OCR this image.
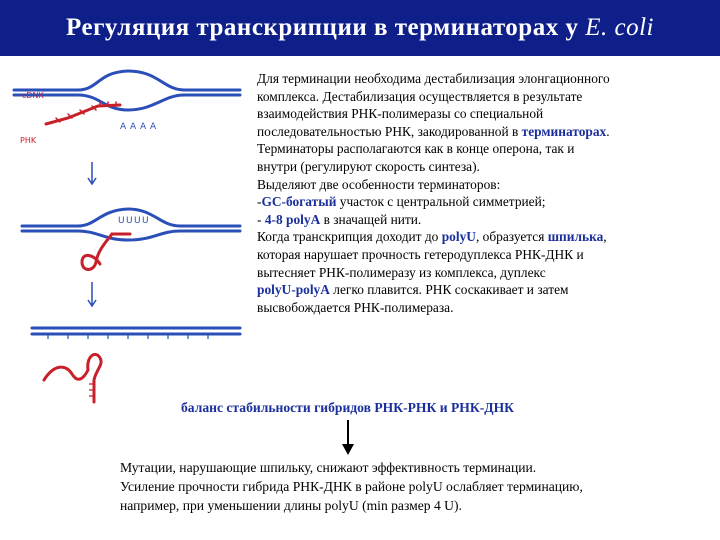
Регуляция транскрипции в терминаторах у E. coli
A A A A
cDNK
PHK
U U U U

Для терминации необходима дестабилизация элонгационного

комплекса. Дестабилизация осуществляется в результате

взаимодействия РНК-полимеразы со специальной

последовательностью РНК, закодированной в терминаторах.

Терминаторы располагаются как в конце оперона, так и

внутри (регулируют скорость синтеза).

Выделяют две особенности терминаторов:

-GC-богатый участок с центральной симметрией;

- 4-8 polyA в значащей нити.

Когда транскрипция доходит до polyU, образуется шпилька,

которая нарушает прочность гетеродуплекса РНК-ДНК и

вытесняет РНК-полимеразу из комплекса, дуплекс

polyU-polyA легко плавится. РНК соскакивает и затем

высвобождается РНК-полимераза.

баланс стабильности гибридов РНК-РНК и РНК-ДНК

Мутации, нарушающие шпильку, снижают эффективность терминации.

Усиление прочности гибрида РНК-ДНК в районе polyU ослабляет терминацию,

например, при уменьшении длины polyU (min размер 4 U).
